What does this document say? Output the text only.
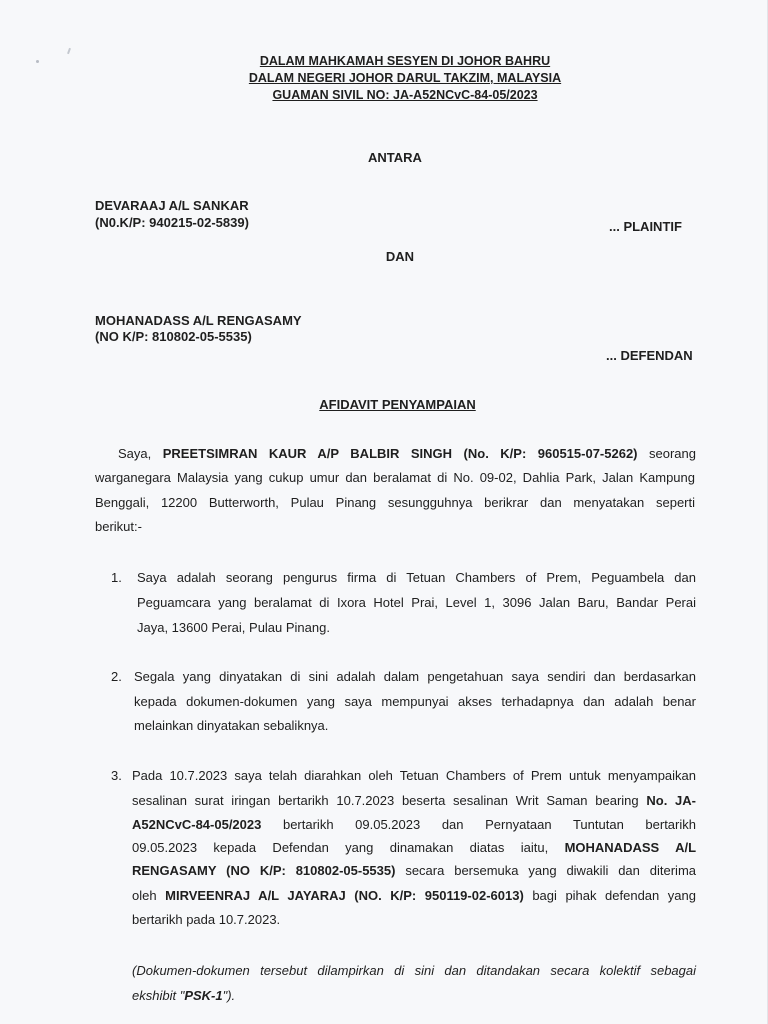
DALAM MAHKAMAH SESYEN DI JOHOR BAHRU
DALAM NEGERI JOHOR DARUL TAKZIM, MALAYSIA
GUAMAN SIVIL NO: JA-A52NCvC-84-05/2023
ANTARA
DEVARAAJ A/L SANKAR
(N0.K/P: 940215-02-5839)	... PLAINTIF
DAN
MOHANADASS A/L RENGASAMY
(NO K/P: 810802-05-5535)
... DEFENDAN
AFIDAVIT PENYAMPAIAN
Saya, PREETSIMRAN KAUR A/P BALBIR SINGH (No. K/P: 960515-07-5262) seorang
warganegara Malaysia yang cukup umur dan beralamat di No. 09-02, Dahlia Park, Jalan Kampung
Benggali, 12200 Butterworth, Pulau Pinang sesungguhnya berikrar dan menyatakan seperti
berikut:-
1. Saya adalah seorang pengurus firma di Tetuan Chambers of Prem, Peguambela dan
Peguamcara yang beralamat di Ixora Hotel Prai, Level 1, 3096 Jalan Baru, Bandar Perai
Jaya, 13600 Perai, Pulau Pinang.
2. Segala yang dinyatakan di sini adalah dalam pengetahuan saya sendiri dan berdasarkan
kepada dokumen-dokumen yang saya mempunyai akses terhadapnya dan adalah benar
melainkan dinyatakan sebaliknya.
3. Pada 10.7.2023 saya telah diarahkan oleh Tetuan Chambers of Prem untuk menyampaikan
sesalinan surat iringan bertarikh 10.7.2023 beserta sesalinan Writ Saman bearing No. JA-
A52NCvC-84-05/2023 bertarikh 09.05.2023 dan Pernyataan Tuntutan bertarikh
09.05.2023 kepada Defendan yang dinamakan diatas iaitu, MOHANADASS A/L
RENGASAMY (NO K/P: 810802-05-5535) secara bersemuka yang diwakili dan diterima
oleh MIRVEENRAJ A/L JAYARAJ (NO. K/P: 950119-02-6013) bagi pihak defendan yang
bertarikh pada 10.7.2023.
(Dokumen-dokumen tersebut dilampirkan di sini dan ditandakan secara kolektif sebagai
ekshibit "PSK-1").
